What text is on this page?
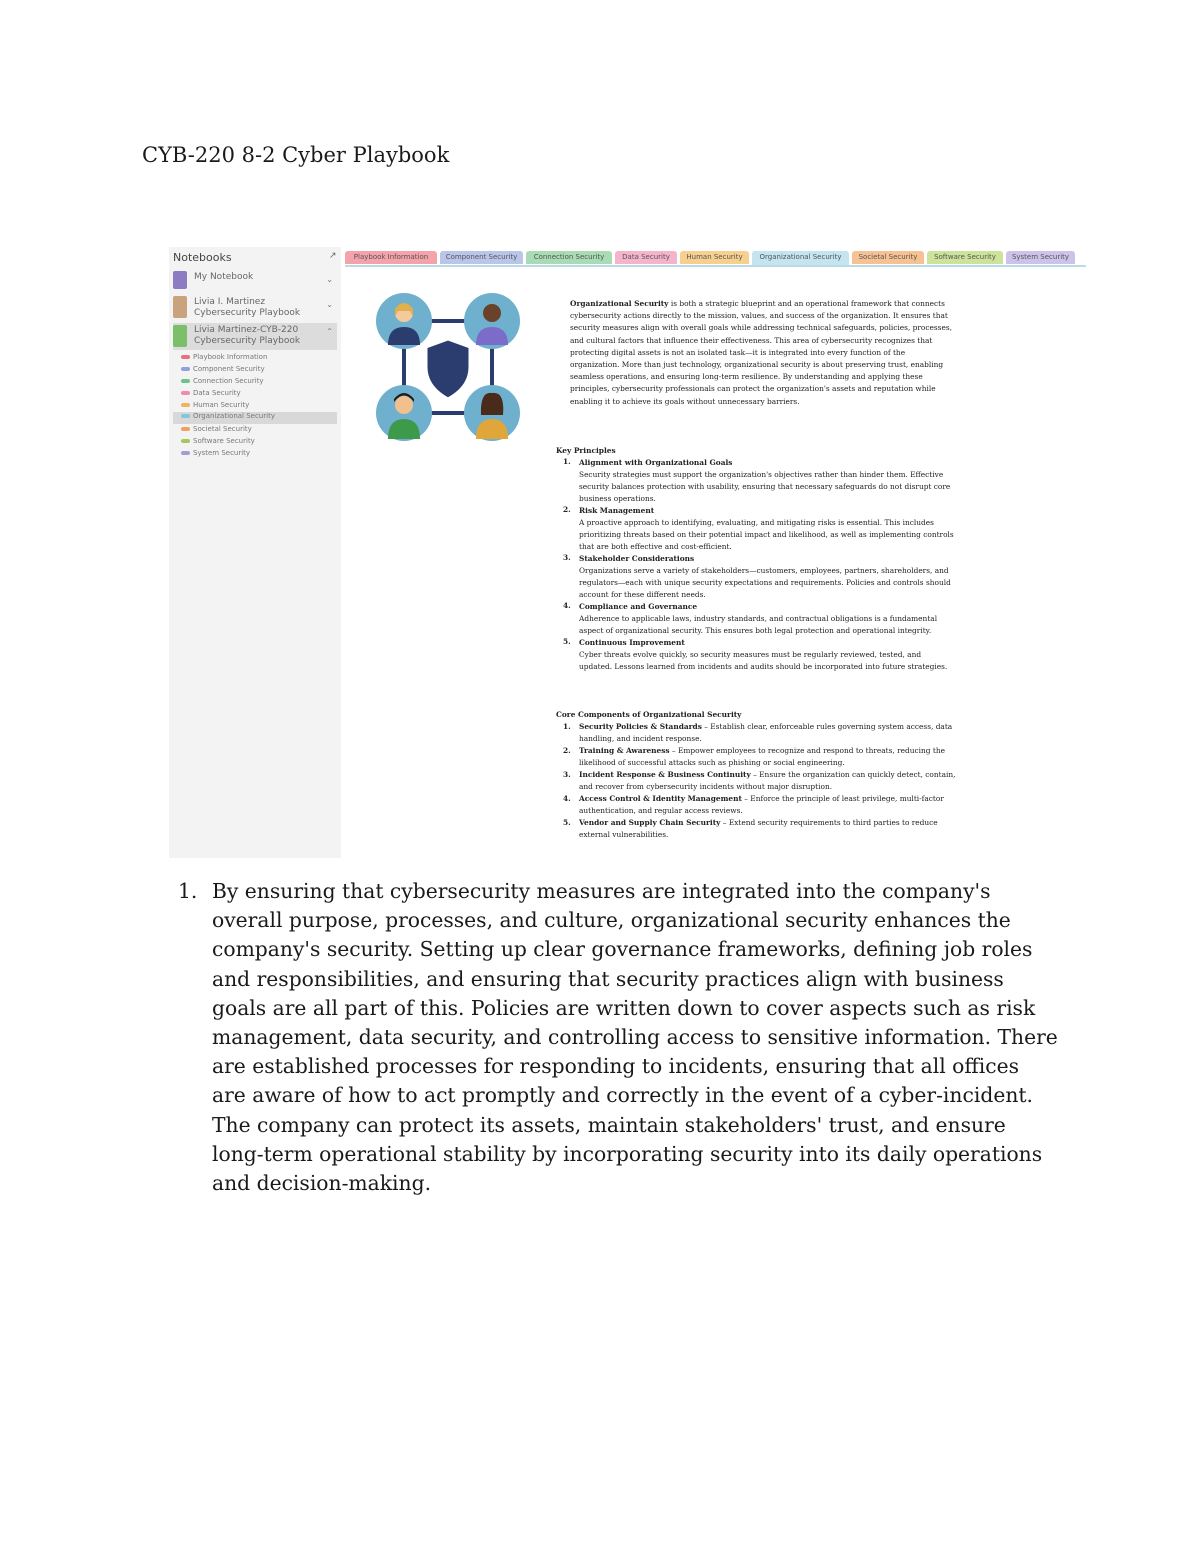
CYB-220 8-2 Cyber Playbook
Notebooks	↗
My Notebook	⌄
Livia I. Martinez Cybersecurity Playbook
⌄
Livia Martinez-CYB-220 Cybersecurity Playbook
⌃
Playbook Information
Component Security
Connection Security
Data Security
Human Security
Organizational Security
Societal Security
Software Security
System Security
Playbook Information	Component Security	Connection Security	Data Security	Human Security	Organizational Security	Societal Security	Software Security	System Security
Organizational Security is both a strategic blueprint and an operational framework that connects cybersecurity actions directly to the mission, values, and success of the organization. It ensures that security measures align with overall goals while addressing technical safeguards, policies, processes, and cultural factors that influence their effectiveness. This area of cybersecurity recognizes that protecting digital assets is not an isolated task—it is integrated into every function of the organization. More than just technology, organizational security is about preserving trust, enabling seamless operations, and ensuring long-term resilience. By understanding and applying these principles, cybersecurity professionals can protect the organization's assets and reputation while enabling it to achieve its goals without unnecessary barriers.
Key Principles
1. Alignment with Organizational Goals
Security strategies must support the organization's objectives rather than hinder them. Effective security balances protection with usability, ensuring that necessary safeguards do not disrupt core business operations.
2. Risk Management
A proactive approach to identifying, evaluating, and mitigating risks is essential. This includes prioritizing threats based on their potential impact and likelihood, as well as implementing controls that are both effective and cost-efficient.
3. Stakeholder Considerations
Organizations serve a variety of stakeholders—customers, employees, partners, shareholders, and regulators—each with unique security expectations and requirements. Policies and controls should account for these different needs.
4. Compliance and Governance
Adherence to applicable laws, industry standards, and contractual obligations is a fundamental aspect of organizational security. This ensures both legal protection and operational integrity.
5. Continuous Improvement
Cyber threats evolve quickly, so security measures must be regularly reviewed, tested, and updated. Lessons learned from incidents and audits should be incorporated into future strategies.
Core Components of Organizational Security
1. Security Policies & Standards – Establish clear, enforceable rules governing system access, data handling, and incident response.
2. Training & Awareness – Empower employees to recognize and respond to threats, reducing the likelihood of successful attacks such as phishing or social engineering.
3. Incident Response & Business Continuity – Ensure the organization can quickly detect, contain, and recover from cybersecurity incidents without major disruption.
4. Access Control & Identity Management – Enforce the principle of least privilege, multi-factor authentication, and regular access reviews.
5. Vendor and Supply Chain Security – Extend security requirements to third parties to reduce external vulnerabilities.
1. By ensuring that cybersecurity measures are integrated into the company's overall purpose, processes, and culture, organizational security enhances the company's security. Setting up clear governance frameworks, defining job roles and responsibilities, and ensuring that security practices align with business goals are all part of this. Policies are written down to cover aspects such as risk management, data security, and controlling access to sensitive information. There are established processes for responding to incidents, ensuring that all offices are aware of how to act promptly and correctly in the event of a cyber-incident. The company can protect its assets, maintain stakeholders' trust, and ensure long-term operational stability by incorporating security into its daily operations and decision-making.
